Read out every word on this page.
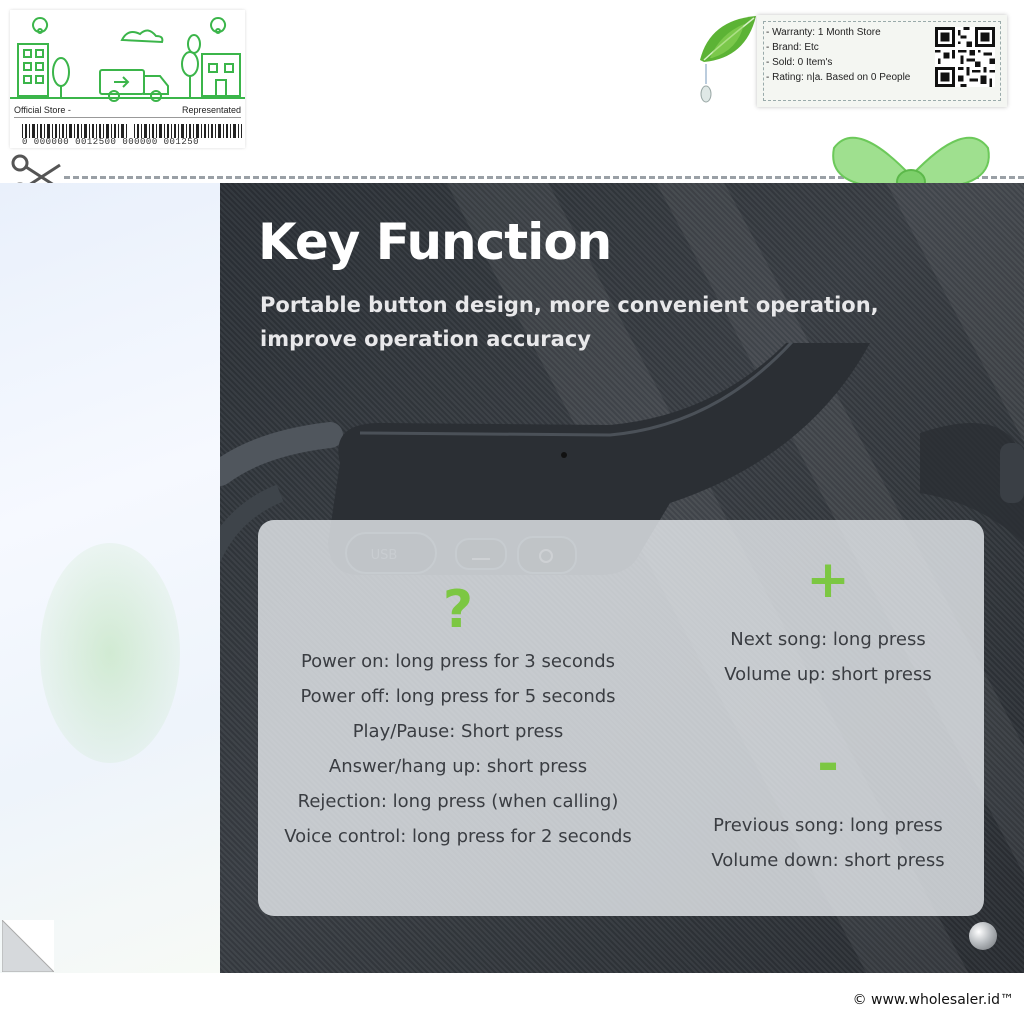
Official Store -	Representated
0 000000 0012500 000000 001250
- Warranty: 1 Month Store
- Brand: Etc
- Sold: 0 Item's
- Rating: n|a. Based on 0 People
Key Function

Portable button design, more convenient operation,
improve operation accuracy

?
Power on: long press for 3 seconds
Power off: long press for 5 seconds
Play/Pause: Short press
Answer/hang up: short press
Rejection: long press (when calling)
Voice control: long press for 2 seconds
+
Next song: long press
Volume up: short press
-
Previous song: long press
Volume down: short press
© www.wholesaler.id™
